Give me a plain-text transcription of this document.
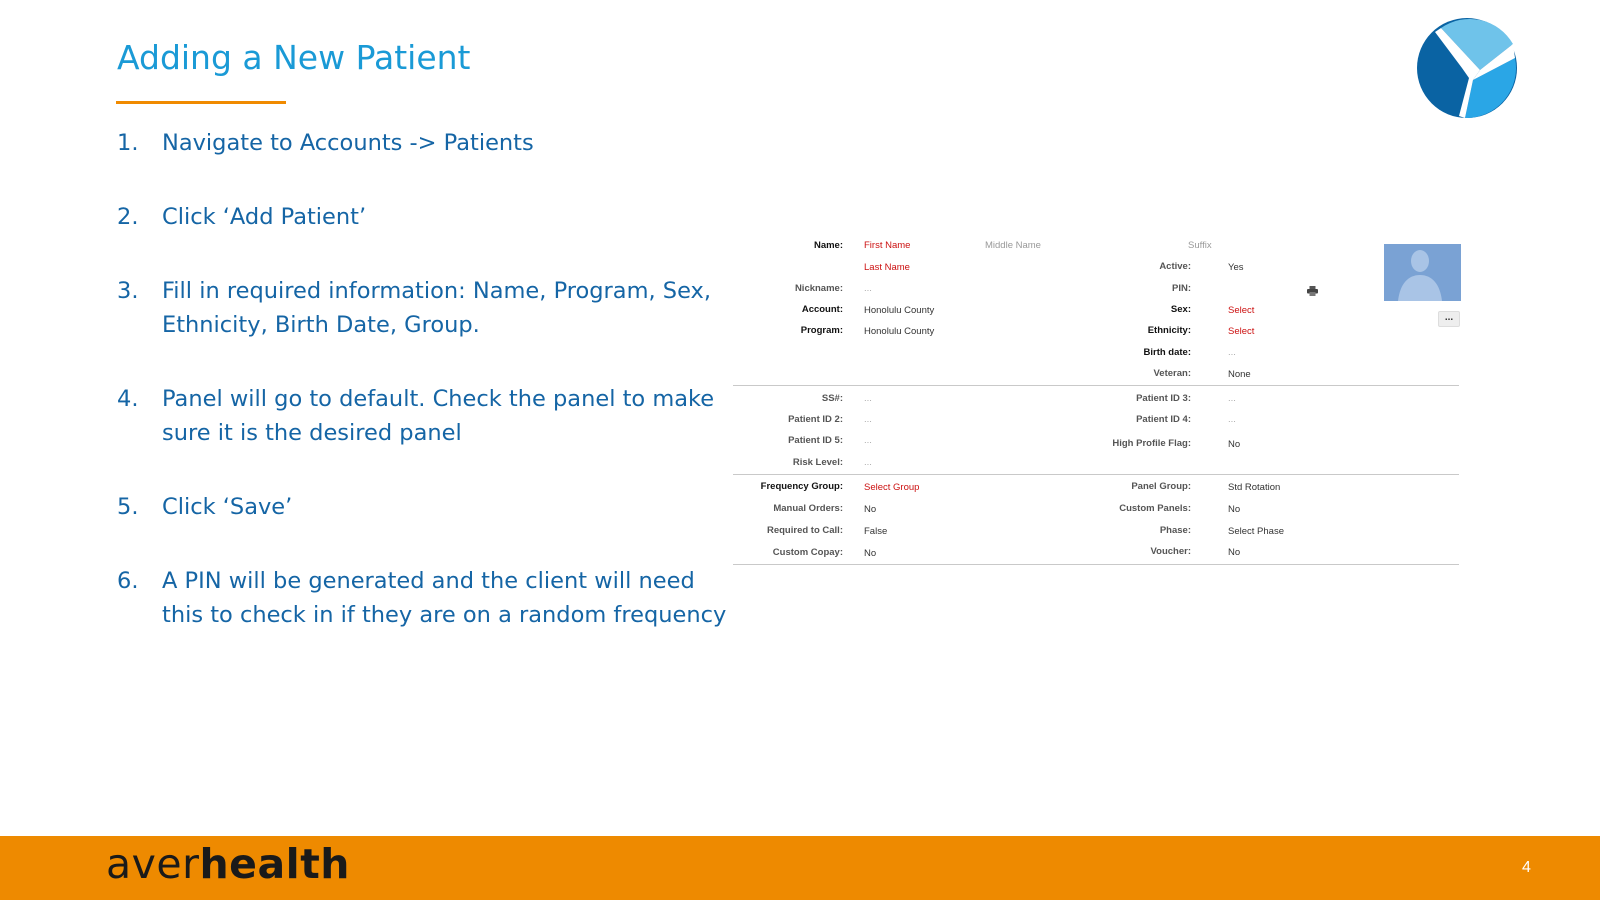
Adding a New Patient
1. Navigate to Accounts -> Patients
2. Click ‘Add Patient’
3. Fill in required information: Name, Program, Sex, Ethnicity, Birth Date, Group.
4. Panel will go to default. Check the panel to make sure it is the desired panel
5. Click ‘Save’
6. A PIN will be generated and the client will need this to check in if they are on a random frequency
Name: First Name	Middle Name	Suffix
Last Name	Active:	Yes
Nickname: ...	PIN:
Account: Honolulu County	Sex:	Select
Program: Honolulu County	Ethnicity:	Select
Birth date:	...
Veteran:	None
SS#: ...	Patient ID 3:	...
Patient ID 2: ...	Patient ID 4:	...
Patient ID 5: ...	High Profile Flag:	No
Risk Level: ...
Frequency Group: Select Group	Panel Group:	Std Rotation
Manual Orders: No	Custom Panels:	No
Required to Call: False	Phase:	Select Phase
Custom Copay: No	Voucher:	No
...
averhealth	4
